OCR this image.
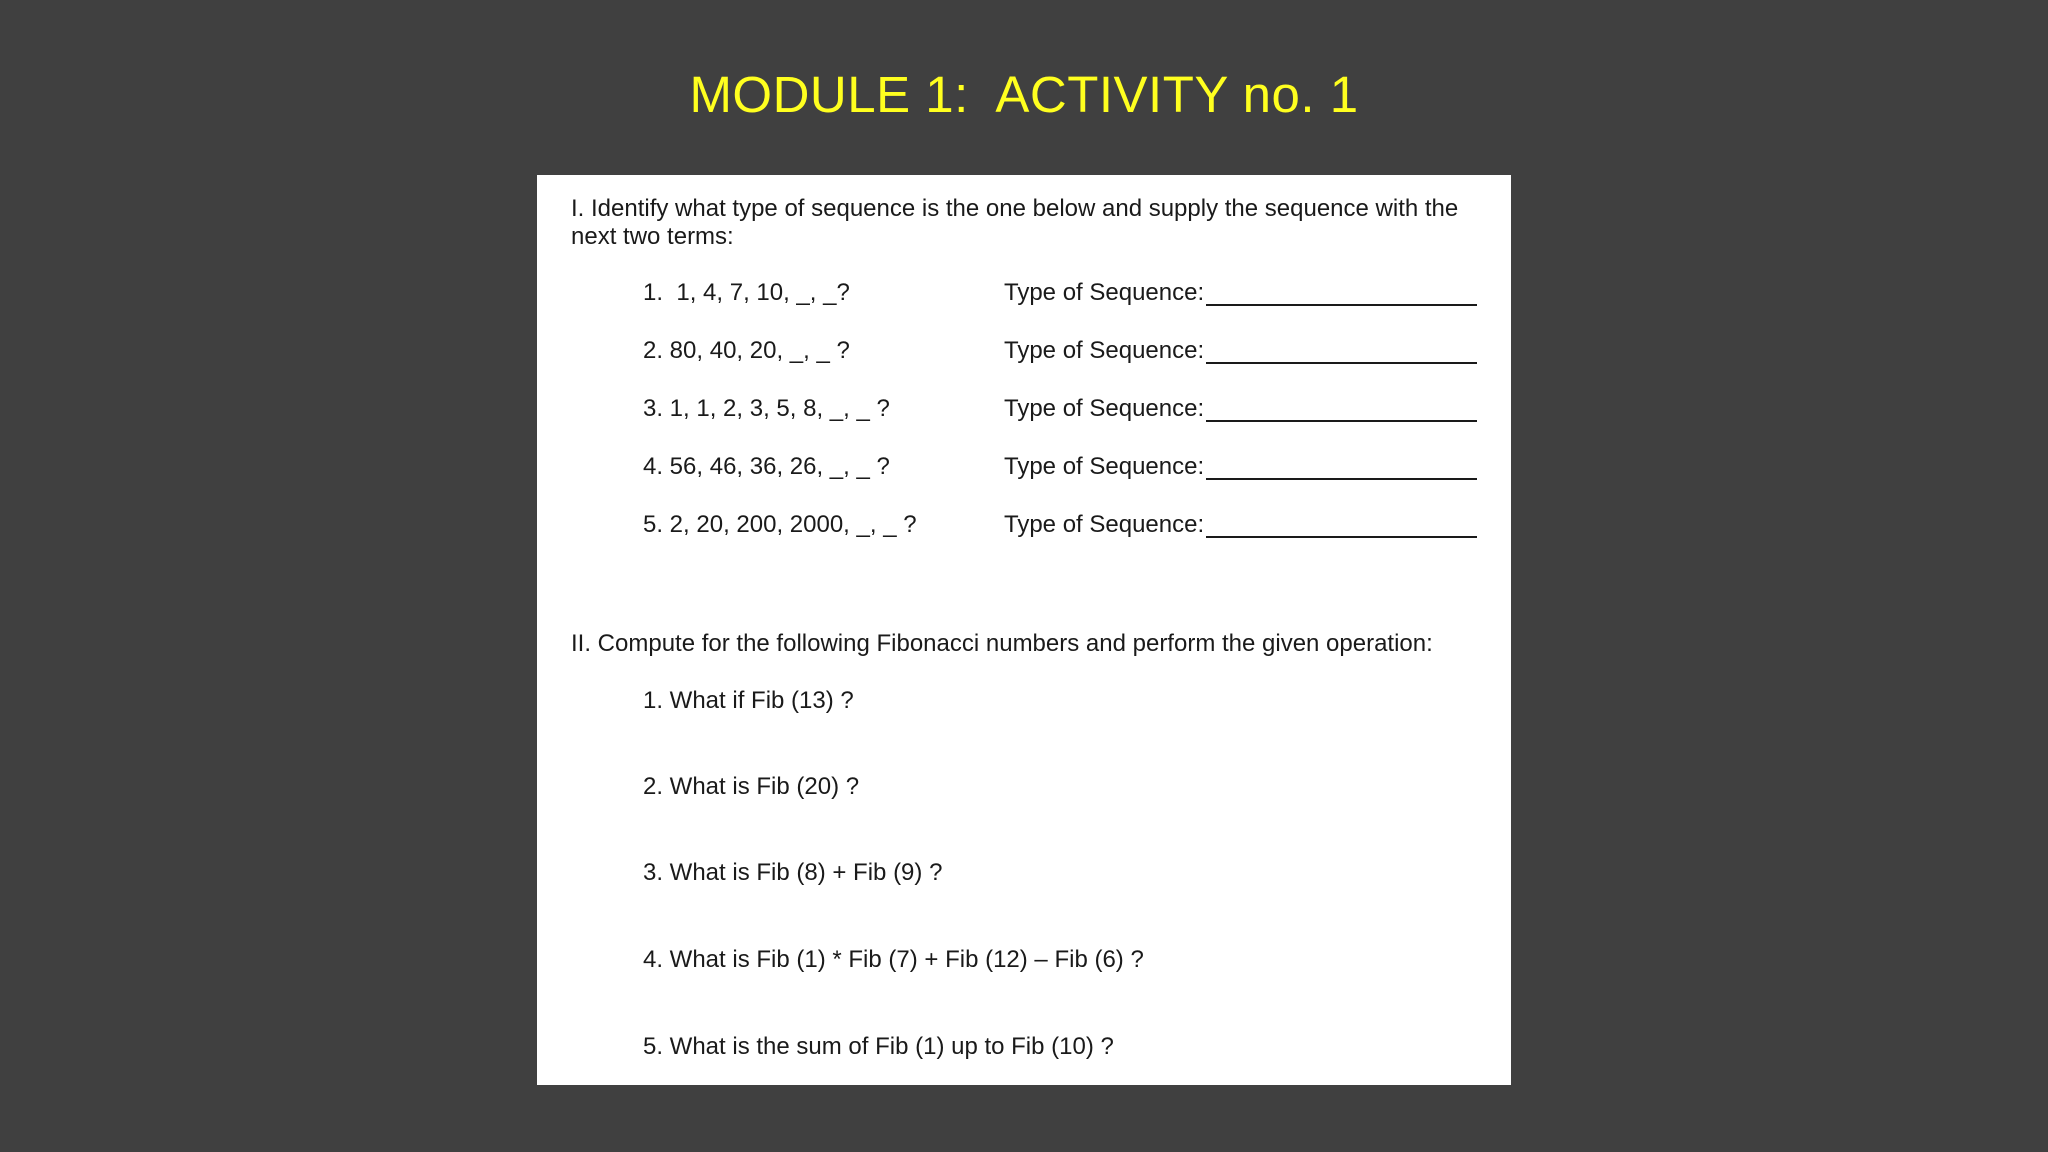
MODULE 1:  ACTIVITY no. 1
I. Identify what type of sequence is the one below and supply the sequence with the next two terms:
1.  1, 4, 7, 10, _, _?	Type of Sequence:
2. 80, 40, 20, _, _ ?	Type of Sequence:
3. 1, 1, 2, 3, 5, 8, _, _ ?	Type of Sequence:
4. 56, 46, 36, 26, _, _ ?	Type of Sequence:
5. 2, 20, 200, 2000, _, _ ?	Type of Sequence:
II. Compute for the following Fibonacci numbers and perform the given operation:
1. What if Fib (13) ?
2. What is Fib (20) ?
3. What is Fib (8) + Fib (9) ?
4. What is Fib (1) * Fib (7) + Fib (12) – Fib (6) ?
5. What is the sum of Fib (1) up to Fib (10) ?
